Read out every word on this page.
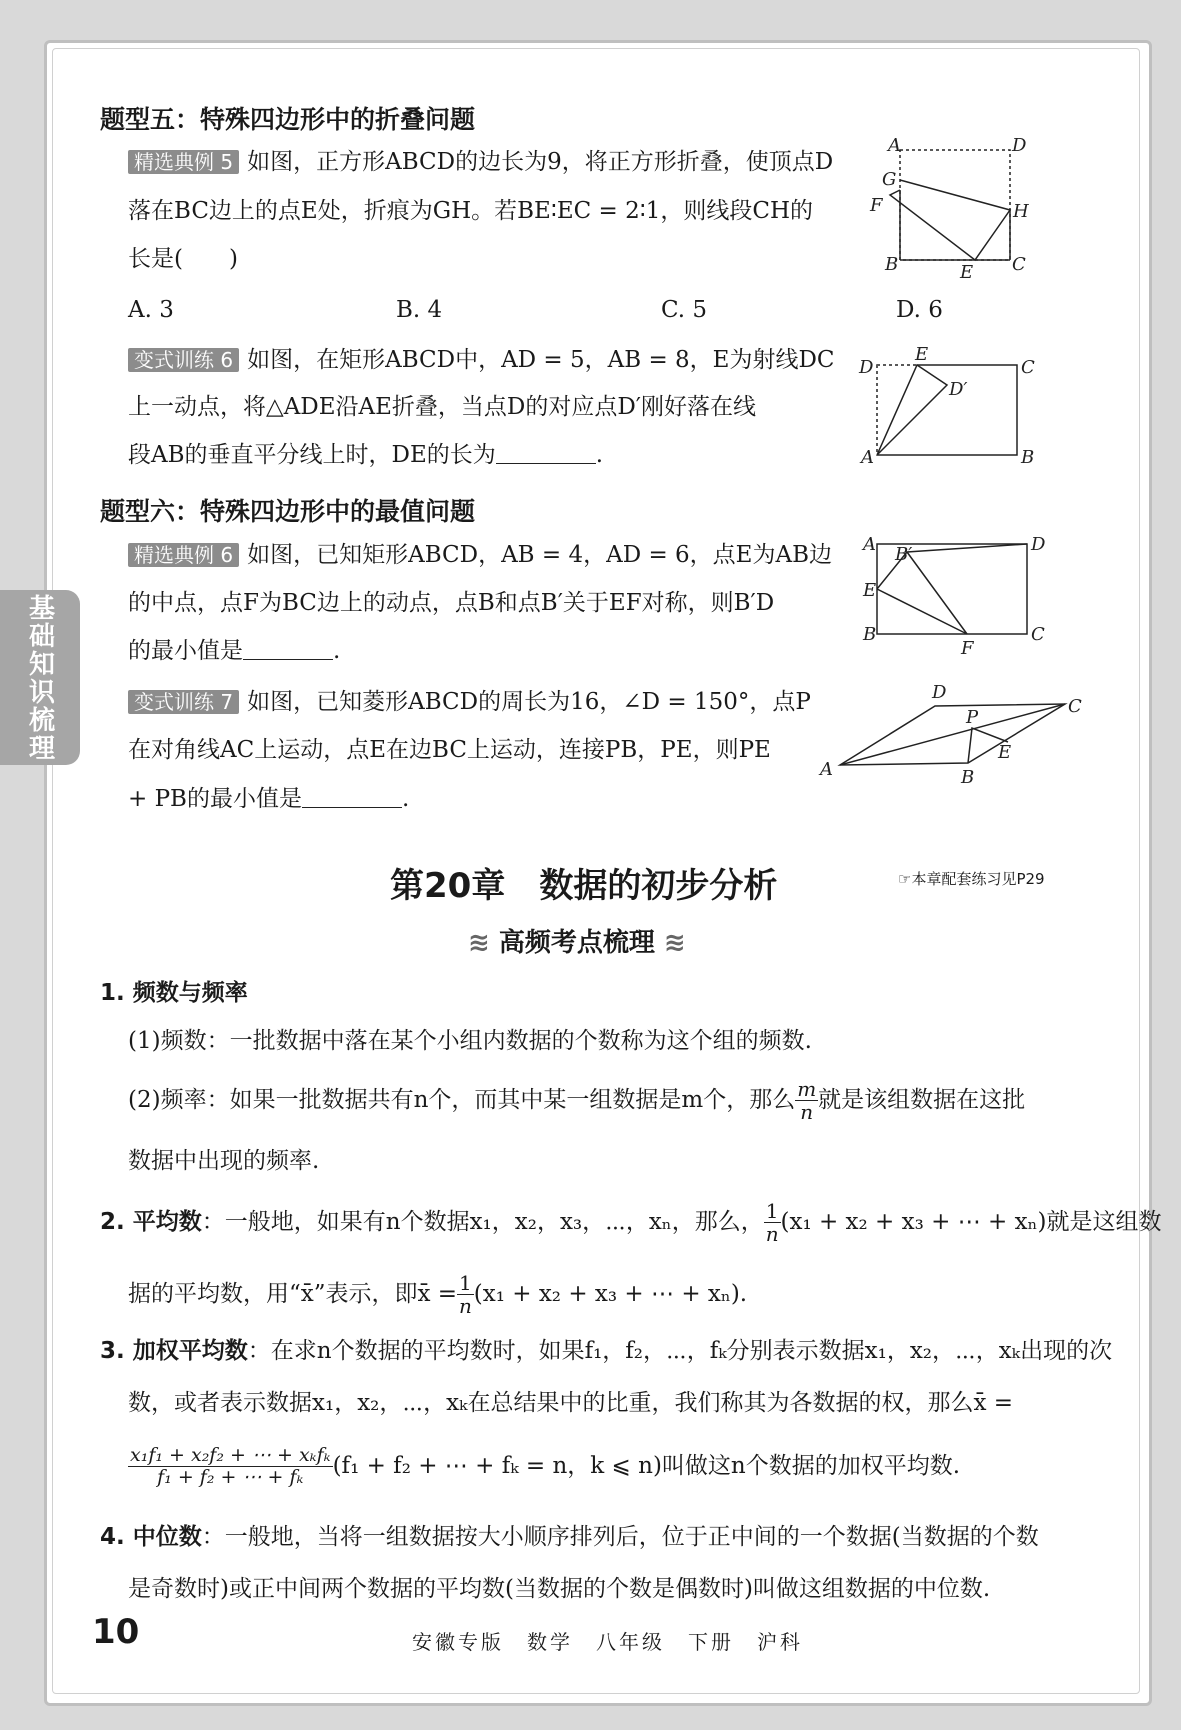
基础知识梳理
题型五：特殊四边形中的折叠问题
精选典例 5 如图，正方形ABCD的边长为9，将正方形折叠，使顶点D
落在BC边上的点E处，折痕为GH。若BE∶EC = 2∶1，则线段CH的
长是(　　)
A. 3	B. 4	C. 5	D. 6
A	D
G
F	H
B	E C
变式训练 6 如图，在矩形ABCD中，AD = 5，AB = 8，E为射线DC
上一动点，将△ADE沿AE折叠，当点D的对应点D′刚好落在线
段AB的垂直平分线上时，DE的长为	.
D
E
C
D′
A	B
题型六：特殊四边形中的最值问题
精选典例 6 如图，已知矩形ABCD，AB = 4，AD = 6，点E为AB边
的中点，点F为BC边上的动点，点B和点B′关于EF对称，则B′D
的最小值是	.
A B′	D
E
B
F
C
变式训练 7 如图，已知菱形ABCD的周长为16，∠D = 150°，点P
在对角线AC上运动，点E在边BC上运动，连接PB，PE，则PE
+ PB的最小值是	.
D
C
P
E
A	B
第20章　数据的初步分析	☞本章配套练习见P29
≋ 高频考点梳理 ≋
1. 频数与频率
(1)频数：一批数据中落在某个小组内数据的个数称为这个组的频数.
(2)频率：如果一批数据共有n个，而其中某一组数据是m个，那么 $\frac{m}{n}$ 就是该组数据在这批
数据中出现的频率.
2. 平均数 ：一般地，如果有n个数据x₁，x₂，x₃，⋯，xₙ，那么， $\frac{1}{n} (x_1 + x_2 + x_3$ + ⋯ + xₙ)就是这组数
据的平均数，用“x̄”表示，即x̄ = $\frac{1}{n} (x_1 + x_2 + x_3$ + ⋯ + xₙ).
3. 加权平均数：在求n个数据的平均数时，如果f₁，f₂，⋯，fₖ分别表示数据x₁，x₂，⋯，xₖ出现的次
数，或者表示数据x₁，x₂，⋯，xₖ在总结果中的比重，我们称其为各数据的权，那么x̄ =
$\frac{\text{x₁f₁ + x₂f₂ + ⋯ + xₖfₖ}}{\text{f₁ + f₂ + ⋯ + fₖ}} (f_1 + f_2$ + ⋯ + fₖ = n，k ⩽ n)叫做这n个数据的加权平均数.
4. 中位数：一般地，当将一组数据按大小顺序排列后，位于正中间的一个数据(当数据的个数
是奇数时)或正中间两个数据的平均数(当数据的个数是偶数时)叫做这组数据的中位数.
10	安徽专版　数学　八年级　下册　沪科
